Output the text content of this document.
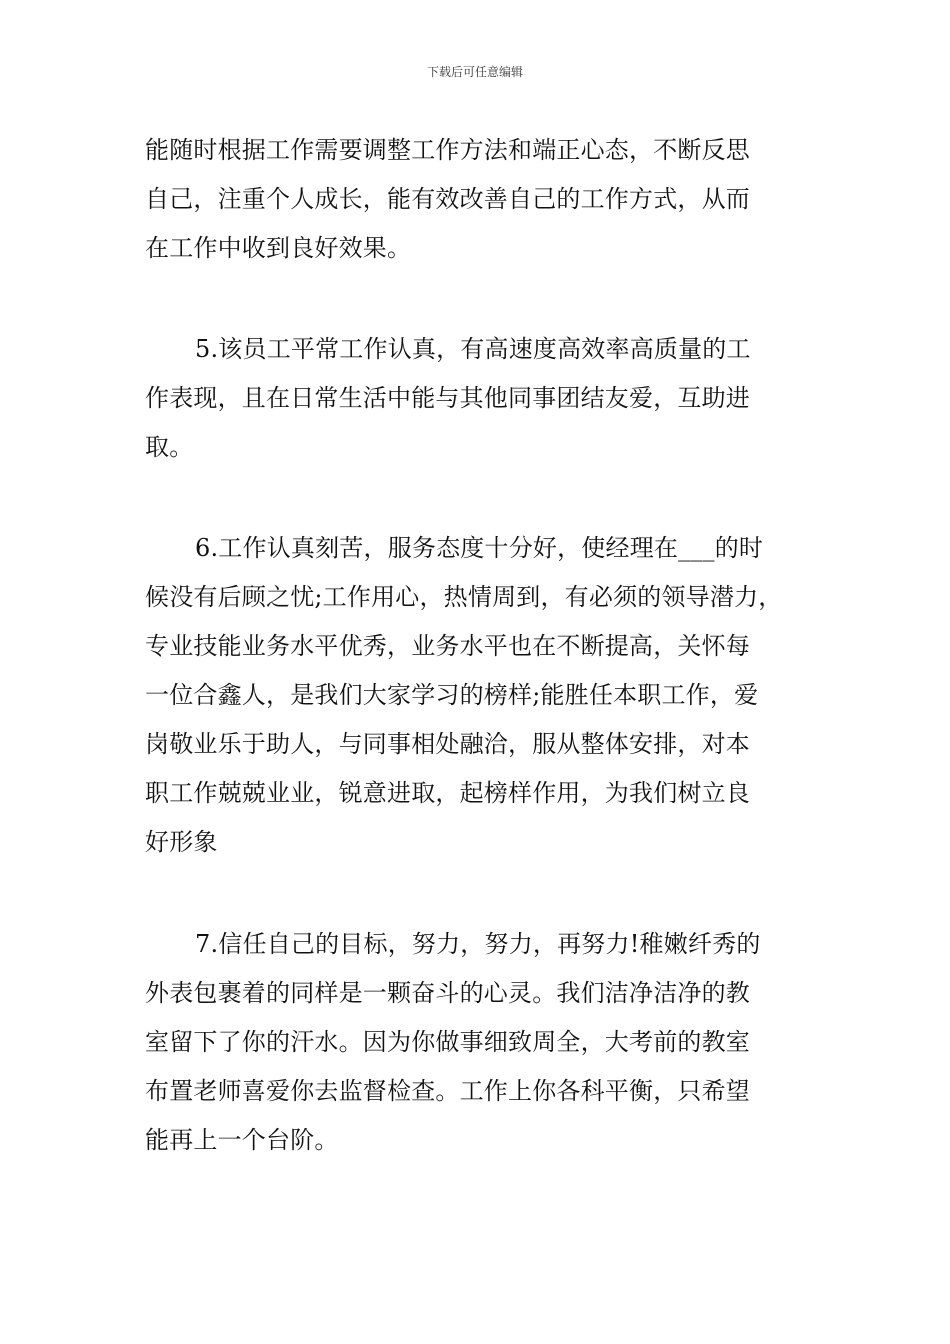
下载后可任意编辑
能随时根据工作需要调整工作方法和端正心态，不断反思
自己，注重个人成长，能有效改善自己的工作方式，从而
在工作中收到良好效果。
5.该员工平常工作认真，有高速度高效率高质量的工
作表现，且在日常生活中能与其他同事团结友爱，互助进
取。
6.工作认真刻苦，服务态度十分好，使经理在___的时
候没有后顾之忧;工作用心，热情周到，有必须的领导潜力，
专业技能业务水平优秀，业务水平也在不断提高，关怀每
一位合鑫人，是我们大家学习的榜样;能胜任本职工作，爱
岗敬业乐于助人，与同事相处融洽，服从整体安排，对本
职工作兢兢业业，锐意进取，起榜样作用，为我们树立良
好形象
7.信任自己的目标，努力，努力，再努力!稚嫩纤秀的
外表包裹着的同样是一颗奋斗的心灵。我们洁净洁净的教
室留下了你的汗水。因为你做事细致周全，大考前的教室
布置老师喜爱你去监督检查。工作上你各科平衡，只希望
能再上一个台阶。
